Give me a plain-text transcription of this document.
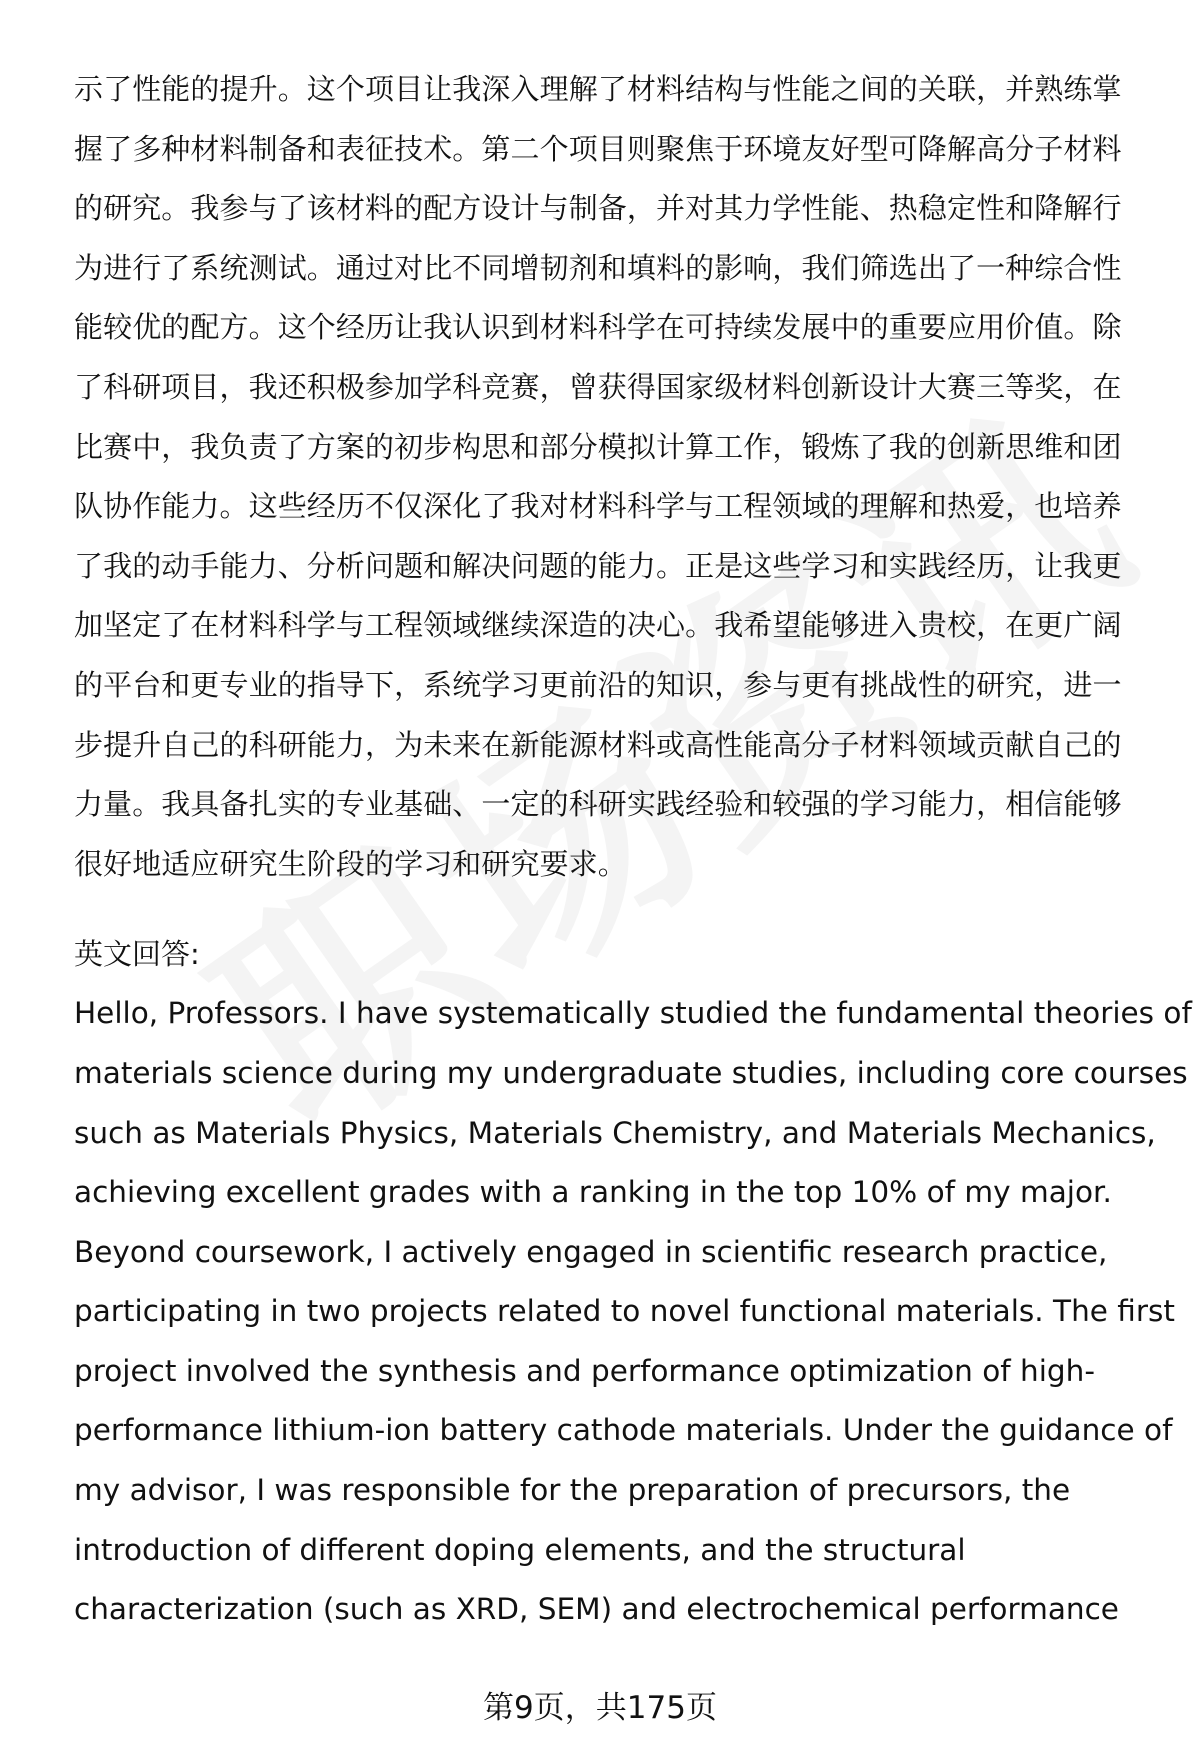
示了性能的提升。这个项目让我深入理解了材料结构与性能之间的关联，并熟练掌
握了多种材料制备和表征技术。第二个项目则聚焦于环境友好型可降解高分子材料
的研究。我参与了该材料的配方设计与制备，并对其力学性能、热稳定性和降解行
为进行了系统测试。通过对比不同增韧剂和填料的影响，我们筛选出了一种综合性
能较优的配方。这个经历让我认识到材料科学在可持续发展中的重要应用价值。除
了科研项目，我还积极参加学科竞赛，曾获得国家级材料创新设计大赛三等奖，在
比赛中，我负责了方案的初步构思和部分模拟计算工作，锻炼了我的创新思维和团
队协作能力。这些经历不仅深化了我对材料科学与工程领域的理解和热爱，也培养
了我的动手能力、分析问题和解决问题的能力。正是这些学习和实践经历，让我更
加坚定了在材料科学与工程领域继续深造的决心。我希望能够进入贵校，在更广阔
的平台和更专业的指导下，系统学习更前沿的知识，参与更有挑战性的研究，进一
步提升自己的科研能力，为未来在新能源材料或高性能高分子材料领域贡献自己的
力量。我具备扎实的专业基础、一定的科研实践经验和较强的学习能力，相信能够
很好地适应研究生阶段的学习和研究要求。
英文回答:
Hello, Professors. I have systematically studied the fundamental theories of
materials science during my undergraduate studies, including core courses
such as Materials Physics, Materials Chemistry, and Materials Mechanics,
achieving excellent grades with a ranking in the top 10% of my major.
Beyond coursework, I actively engaged in scientific research practice,
participating in two projects related to novel functional materials. The first
project involved the synthesis and performance optimization of high-
performance lithium-ion battery cathode materials. Under the guidance of
my advisor, I was responsible for the preparation of precursors, the
introduction of different doping elements, and the structural
characterization (such as XRD, SEM) and electrochemical performance
第9页，共175页
